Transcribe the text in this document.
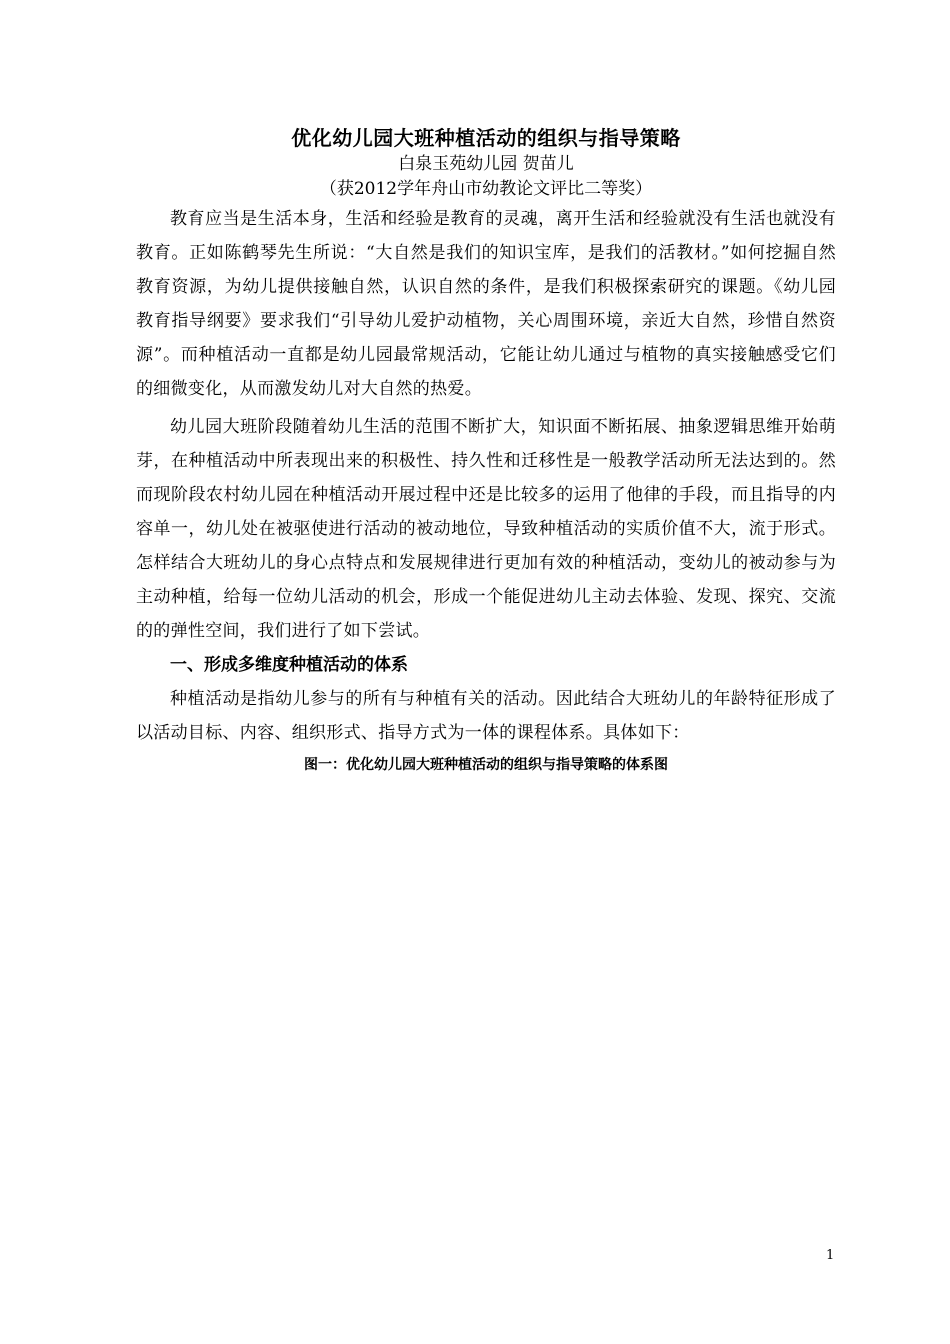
优化幼儿园大班种植活动的组织与指导策略

白泉玉苑幼儿园 贺苗儿

（获2012学年舟山市幼教论文评比二等奖）

教育应当是生活本身，生活和经验是教育的灵魂，离开生活和经验就没有生活也就没有教育。正如陈鹤琴先生所说：“大自然是我们的知识宝库，是我们的活教材。”如何挖掘自然教育资源，为幼儿提供接触自然，认识自然的条件，是我们积极探索研究的课题。《幼儿园教育指导纲要》要求我们“引导幼儿爱护动植物，关心周围环境，亲近大自然，珍惜自然资源”。而种植活动一直都是幼儿园最常规活动，它能让幼儿通过与植物的真实接触感受它们的细微变化，从而激发幼儿对大自然的热爱。

幼儿园大班阶段随着幼儿生活的范围不断扩大，知识面不断拓展、抽象逻辑思维开始萌芽，在种植活动中所表现出来的积极性、持久性和迁移性是一般教学活动所无法达到的。然而现阶段农村幼儿园在种植活动开展过程中还是比较多的运用了他律的手段，而且指导的内容单一，幼儿处在被驱使进行活动的被动地位，导致种植活动的实质价值不大，流于形式。怎样结合大班幼儿的身心点特点和发展规律进行更加有效的种植活动，变幼儿的被动参与为主动种植，给每一位幼儿活动的机会，形成一个能促进幼儿主动去体验、发现、探究、交流的的弹性空间，我们进行了如下尝试。

一、形成多维度种植活动的体系

种植活动是指幼儿参与的所有与种植有关的活动。因此结合大班幼儿的年龄特征形成了以活动目标、内容、组织形式、指导方式为一体的课程体系。具体如下：

图一：优化幼儿园大班种植活动的组织与指导策略的体系图

1
